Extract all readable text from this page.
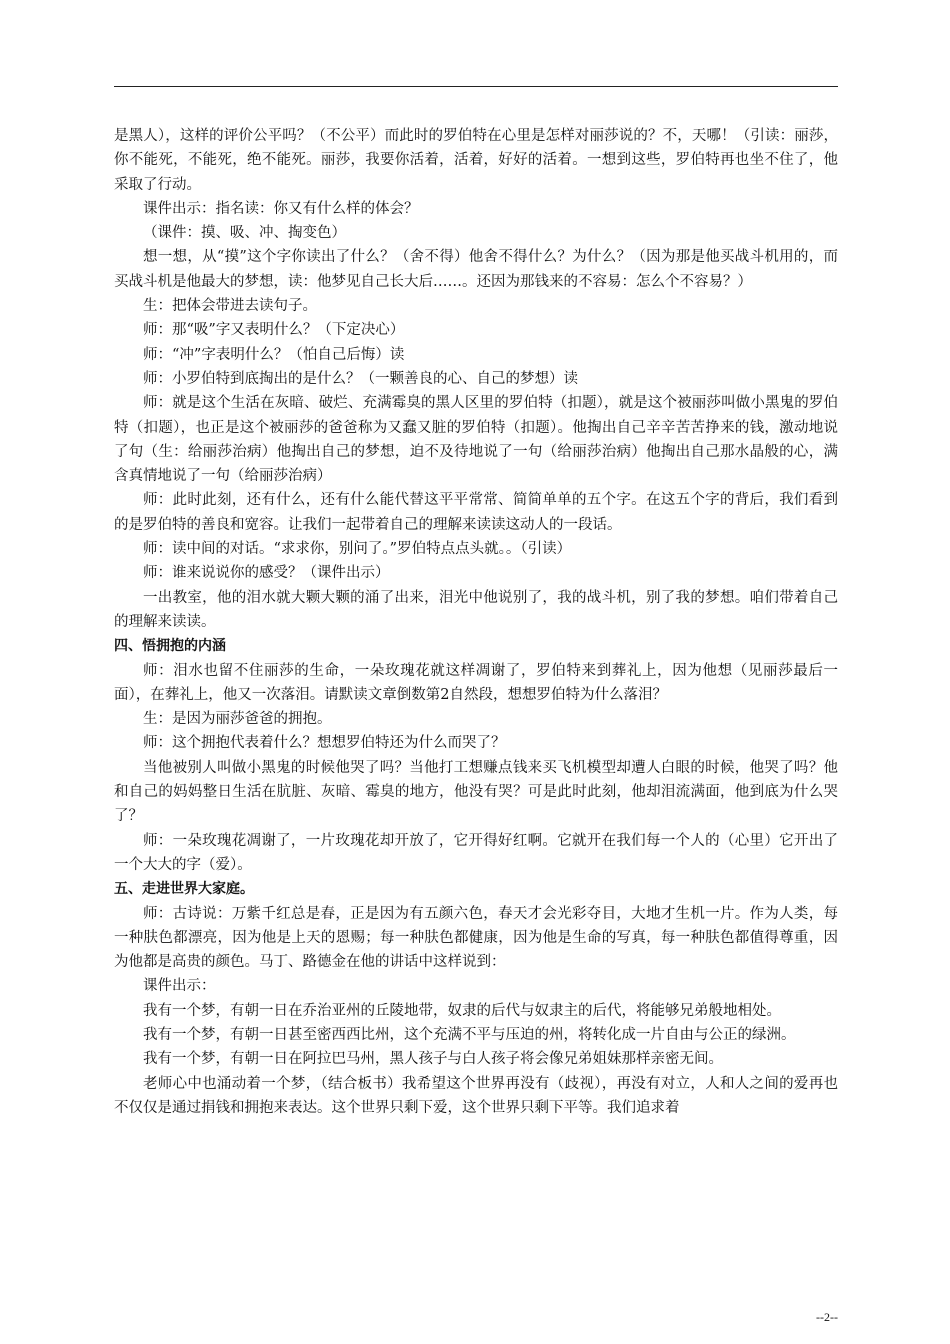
是黑人），这样的评价公平吗？（不公平）而此时的罗伯特在心里是怎样对丽莎说的？不，天哪！（引读：丽莎，你不能死，不能死，绝不能死。丽莎，我要你活着，活着，好好的活着。一想到这些，罗伯特再也坐不住了，他采取了行动。

课件出示：指名读：你又有什么样的体会？

（课件：摸、吸、冲、掏变色）

想一想，从“摸”这个字你读出了什么？（舍不得）他舍不得什么？为什么？（因为那是他买战斗机用的，而买战斗机是他最大的梦想，读：他梦见自己长大后……。还因为那钱来的不容易：怎么个不容易？）

生：把体会带进去读句子。

师：那“吸”字又表明什么？（下定决心）

师：“冲”字表明什么？（怕自己后悔）读

师：小罗伯特到底掏出的是什么？（一颗善良的心、自己的梦想）读

师：就是这个生活在灰暗、破烂、充满霉臭的黑人区里的罗伯特（扣题），就是这个被丽莎叫做小黑鬼的罗伯特（扣题），也正是这个被丽莎的爸爸称为又蠢又脏的罗伯特（扣题）。他掏出自己辛辛苦苦挣来的钱，激动地说了句（生：给丽莎治病）他掏出自己的梦想，迫不及待地说了一句（给丽莎治病）他掏出自己那水晶般的心，满含真情地说了一句（给丽莎治病）

师：此时此刻，还有什么，还有什么能代替这平平常常、简简单单的五个字。在这五个字的背后，我们看到的是罗伯特的善良和宽容。让我们一起带着自己的理解来读读这动人的一段话。

师：读中间的对话。“求求你，别问了。”罗伯特点点头就。。（引读）

师：谁来说说你的感受？（课件出示）

一出教室，他的泪水就大颗大颗的涌了出来，泪光中他说别了，我的战斗机，别了我的梦想。咱们带着自己的理解来读读。

四、悟拥抱的内涵

师：泪水也留不住丽莎的生命，一朵玫瑰花就这样凋谢了，罗伯特来到葬礼上，因为他想（见丽莎最后一面），在葬礼上，他又一次落泪。请默读文章倒数第2自然段，想想罗伯特为什么落泪？

生：是因为丽莎爸爸的拥抱。

师：这个拥抱代表着什么？想想罗伯特还为什么而哭了？

当他被别人叫做小黑鬼的时候他哭了吗？当他打工想赚点钱来买飞机模型却遭人白眼的时候，他哭了吗？他和自己的妈妈整日生活在肮脏、灰暗、霉臭的地方，他没有哭？可是此时此刻，他却泪流满面，他到底为什么哭了？

师：一朵玫瑰花凋谢了，一片玫瑰花却开放了，它开得好红啊。它就开在我们每一个人的（心里）它开出了一个大大的字（爱）。

五、走进世界大家庭。

师：古诗说：万紫千红总是春，正是因为有五颜六色，春天才会光彩夺目，大地才生机一片。作为人类，每一种肤色都漂亮，因为他是上天的恩赐；每一种肤色都健康，因为他是生命的写真，每一种肤色都值得尊重，因为他都是高贵的颜色。马丁、路德金在他的讲话中这样说到：

课件出示：

我有一个梦，有朝一日在乔治亚州的丘陵地带，奴隶的后代与奴隶主的后代，将能够兄弟般地相处。

我有一个梦，有朝一日甚至密西西比州，这个充满不平与压迫的州，将转化成一片自由与公正的绿洲。

我有一个梦，有朝一日在阿拉巴马州，黑人孩子与白人孩子将会像兄弟姐妹那样亲密无间。

老师心中也涌动着一个梦，（结合板书）我希望这个世界再没有（歧视），再没有对立，人和人之间的爱再也不仅仅是通过捐钱和拥抱来表达。这个世界只剩下爱，这个世界只剩下平等。我们追求着

--2--
